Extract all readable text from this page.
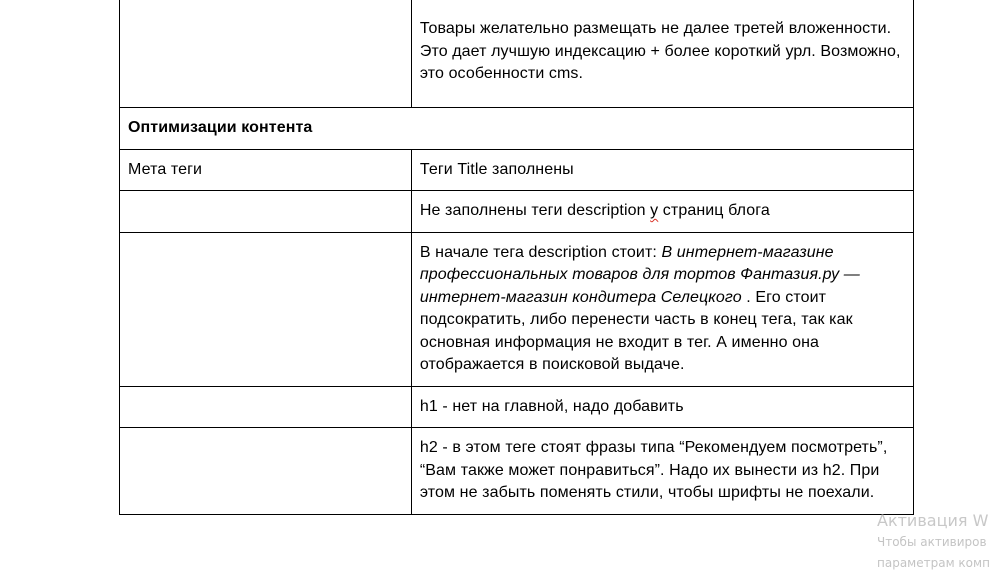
	Товары желательно размещать не далее третей вложенности. Это дает лучшую индексацию + более короткий урл. Возможно, это особенности cms.
Оптимизации контента	
Мета теги	Теги Title заполнены
	Не заполнены теги description у страниц блога
	В начале тега description стоит: В интернет-магазине профессиональных товаров для тортов Фантазия.ру — интернет-магазин кондитера Селецкого . Его стоит подсократить, либо перенести часть в конец тега, так как основная информация не входит в тег. А именно она отображается в поисковой выдаче.
	h1 - нет на главной, надо добавить
	h2 - в этом теге стоят фразы типа “Рекомендуем посмотреть”, “Вам также может понравиться”. Надо их вынести из h2. При этом не забыть поменять стили, чтобы шрифты не поехали.
Активация W
Чтобы активиров
параметрам комп
